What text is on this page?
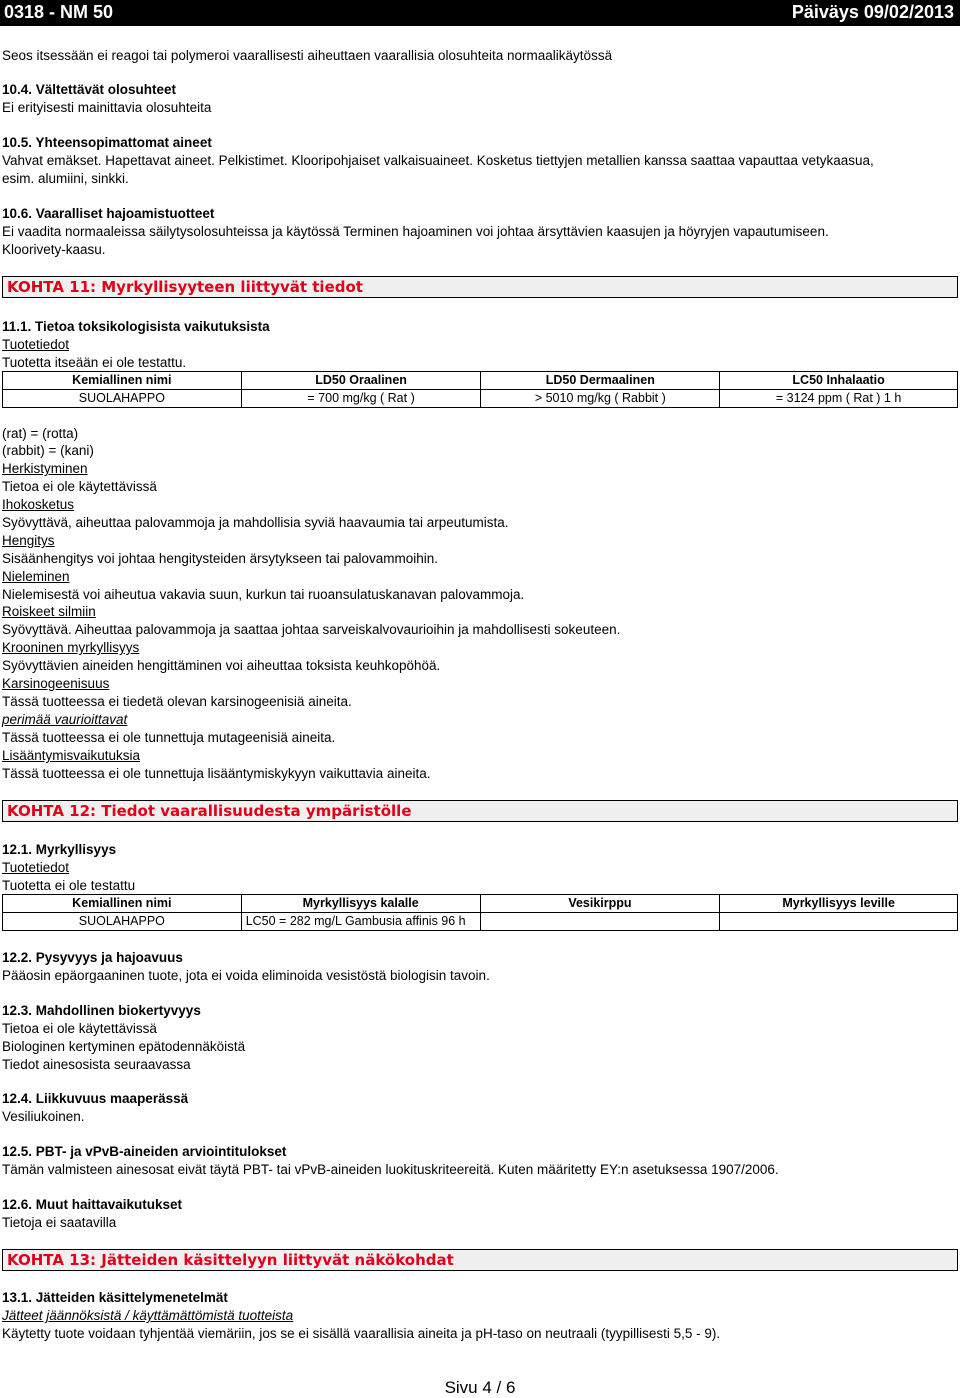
0318 - NM 50	Päiväys 09/02/2013
Seos itsessään ei reagoi tai polymeroi vaarallisesti aiheuttaen vaarallisia olosuhteita normaalikäytössä
10.4. Vältettävät olosuhteet
Ei erityisesti mainittavia olosuhteita
10.5. Yhteensopimattomat aineet
Vahvat emäkset. Hapettavat aineet. Pelkistimet. Klooripohjaiset valkaisuaineet. Kosketus tiettyjen metallien kanssa saattaa vapauttaa vetykaasua,
esim. alumiini, sinkki.
10.6. Vaaralliset hajoamistuotteet
Ei vaadita normaaleissa säilytysolosuhteissa ja käytössä Terminen hajoaminen voi johtaa ärsyttävien kaasujen ja höyryjen vapautumiseen.
Kloorivety-kaasu.
KOHTA 11: Myrkyllisyyteen liittyvät tiedot
11.1. Tietoa toksikologisista vaikutuksista
Tuotetiedot
Tuotetta itseään ei ole testattu.
Kemiallinen nimi	LD50 Oraalinen	LD50 Dermaalinen	LC50 Inhalaatio
SUOLAHAPPO	= 700 mg/kg ( Rat )	> 5010 mg/kg ( Rabbit )	= 3124 ppm ( Rat ) 1 h
(rat) = (rotta)
(rabbit) = (kani)
Herkistyminen
Tietoa ei ole käytettävissä
Ihokosketus
Syövyttävä, aiheuttaa palovammoja ja mahdollisia syviä haavaumia tai arpeutumista.
Hengitys
Sisäänhengitys voi johtaa hengitysteiden ärsytykseen tai palovammoihin.
Nieleminen
Nielemisestä voi aiheutua vakavia suun, kurkun tai ruoansulatuskanavan palovammoja.
Roiskeet silmiin
Syövyttävä. Aiheuttaa palovammoja ja saattaa johtaa sarveiskalvovaurioihin ja mahdollisesti sokeuteen.
Krooninen myrkyllisyys
Syövyttävien aineiden hengittäminen voi aiheuttaa toksista keuhkopöhöä.
Karsinogeenisuus
Tässä tuotteessa ei tiedetä olevan karsinogeenisiä aineita.
perimää vaurioittavat
Tässä tuotteessa ei ole tunnettuja mutageenisiä aineita.
Lisääntymisvaikutuksia
Tässä tuotteessa ei ole tunnettuja lisääntymiskykyyn vaikuttavia aineita.
KOHTA 12: Tiedot vaarallisuudesta ympäristölle
12.1. Myrkyllisyys
Tuotetiedot
Tuotetta ei ole testattu
Kemiallinen nimi	Myrkyllisyys kalalle	Vesikirppu	Myrkyllisyys leville
SUOLAHAPPO	LC50 = 282 mg/L Gambusia affinis 96 h		
12.2. Pysyvyys ja hajoavuus
Pääosin epäorgaaninen tuote, jota ei voida eliminoida vesistöstä biologisin tavoin.
12.3. Mahdollinen biokertyvyys
Tietoa ei ole käytettävissä
Biologinen kertyminen epätodennäköistä
Tiedot ainesosista seuraavassa
12.4. Liikkuvuus maaperässä
Vesiliukoinen.
12.5. PBT- ja vPvB-aineiden arviointitulokset
Tämän valmisteen ainesosat eivät täytä PBT- tai vPvB-aineiden luokituskriteereitä. Kuten määritetty EY:n asetuksessa 1907/2006.
12.6. Muut haittavaikutukset
Tietoja ei saatavilla
KOHTA 13: Jätteiden käsittelyyn liittyvät näkökohdat
13.1. Jätteiden käsittelymenetelmät
Jätteet jäännöksistä / käyttämättömistä tuotteista
Käytetty tuote voidaan tyhjentää viemäriin, jos se ei sisällä vaarallisia aineita ja pH-taso on neutraali (tyypillisesti 5,5 - 9).
Sivu 4 / 6
